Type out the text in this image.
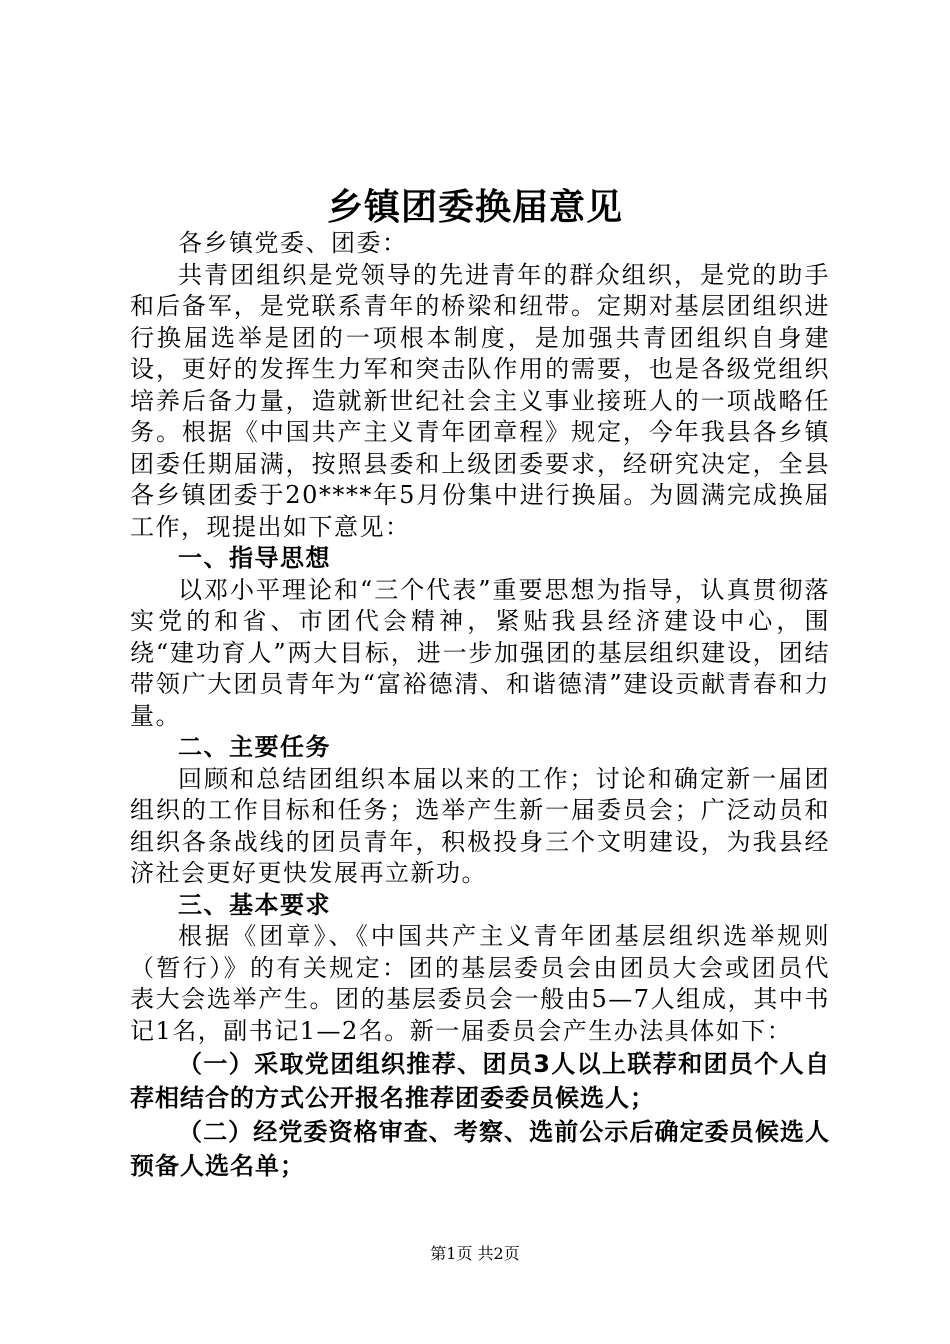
乡镇团委换届意见

各乡镇党委、团委：

共青团组织是党领导的先进青年的群众组织，是党的助手和后备军，是党联系青年的桥梁和纽带。定期对基层团组织进行换届选举是团的一项根本制度，是加强共青团组织自身建设，更好的发挥生力军和突击队作用的需要，也是各级党组织培养后备力量，造就新世纪社会主义事业接班人的一项战略任务。根据《中国共产主义青年团章程》规定，今年我县各乡镇团委任期届满，按照县委和上级团委要求，经研究决定，全县各乡镇团委于20****年5月份集中进行换届。为圆满完成换届工作，现提出如下意见：

一、指导思想

以邓小平理论和“三个代表”重要思想为指导，认真贯彻落实党的和省、市团代会精神，紧贴我县经济建设中心，围绕“建功育人”两大目标，进一步加强团的基层组织建设，团结带领广大团员青年为“富裕德清、和谐德清”建设贡献青春和力量。

二、主要任务

回顾和总结团组织本届以来的工作；讨论和确定新一届团组织的工作目标和任务；选举产生新一届委员会；广泛动员和组织各条战线的团员青年，积极投身三个文明建设，为我县经济社会更好更快发展再立新功。

三、基本要求

根据《团章》、《中国共产主义青年团基层组织选举规则（暂行）》的有关规定：团的基层委员会由团员大会或团员代表大会选举产生。团的基层委员会一般由5—7人组成，其中书记1名，副书记1—2名。新一届委员会产生办法具体如下：

（一）采取党团组织推荐、团员3人以上联荐和团员个人自荐相结合的方式公开报名推荐团委委员候选人；

（二）经党委资格审查、考察、选前公示后确定委员候选人预备人选名单；

第1页 共2页
